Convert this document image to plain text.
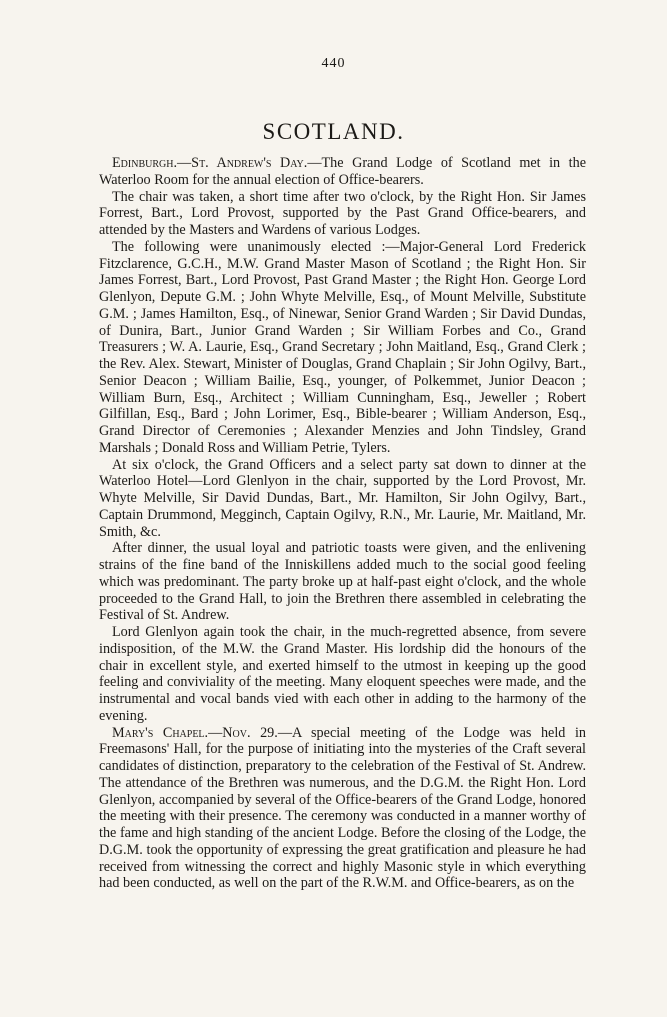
440
SCOTLAND.

Edinburgh.—St. Andrew's Day.—The Grand Lodge of Scotland met in the Waterloo Room for the annual election of Office-bearers.

The chair was taken, a short time after two o'clock, by the Right Hon. Sir James Forrest, Bart., Lord Provost, supported by the Past Grand Office-bearers, and attended by the Masters and Wardens of various Lodges.

The following were unanimously elected :—Major-General Lord Frederick Fitzclarence, G.C.H., M.W. Grand Master Mason of Scotland ; the Right Hon. Sir James Forrest, Bart., Lord Provost, Past Grand Master ; the Right Hon. George Lord Glenlyon, Depute G.M. ; John Whyte Melville, Esq., of Mount Melville, Substitute G.M. ; James Hamilton, Esq., of Ninewar, Senior Grand Warden ; Sir David Dundas, of Dunira, Bart., Junior Grand Warden ; Sir William Forbes and Co., Grand Treasurers ; W. A. Laurie, Esq., Grand Secretary ; John Maitland, Esq., Grand Clerk ; the Rev. Alex. Stewart, Minister of Douglas, Grand Chaplain ; Sir John Ogilvy, Bart., Senior Deacon ; William Bailie, Esq., younger, of Polkemmet, Junior Deacon ; William Burn, Esq., Architect ; William Cunningham, Esq., Jeweller ; Robert Gilfillan, Esq., Bard ; John Lorimer, Esq., Bible-bearer ; William Anderson, Esq., Grand Director of Ceremonies ; Alexander Menzies and John Tindsley, Grand Marshals ; Donald Ross and William Petrie, Tylers.

At six o'clock, the Grand Officers and a select party sat down to dinner at the Waterloo Hotel—Lord Glenlyon in the chair, supported by the Lord Provost, Mr. Whyte Melville, Sir David Dundas, Bart., Mr. Hamilton, Sir John Ogilvy, Bart., Captain Drummond, Megginch, Captain Ogilvy, R.N., Mr. Laurie, Mr. Maitland, Mr. Smith, &c.

After dinner, the usual loyal and patriotic toasts were given, and the enlivening strains of the fine band of the Inniskillens added much to the social good feeling which was predominant. The party broke up at half-past eight o'clock, and the whole proceeded to the Grand Hall, to join the Brethren there assembled in celebrating the Festival of St. Andrew.

Lord Glenlyon again took the chair, in the much-regretted absence, from severe indisposition, of the M.W. the Grand Master. His lordship did the honours of the chair in excellent style, and exerted himself to the utmost in keeping up the good feeling and conviviality of the meeting. Many eloquent speeches were made, and the instrumental and vocal bands vied with each other in adding to the harmony of the evening.

Mary's Chapel.—Nov. 29.—A special meeting of the Lodge was held in Freemasons' Hall, for the purpose of initiating into the mysteries of the Craft several candidates of distinction, preparatory to the celebration of the Festival of St. Andrew. The attendance of the Brethren was numerous, and the D.G.M. the Right Hon. Lord Glenlyon, accompanied by several of the Office-bearers of the Grand Lodge, honored the meeting with their presence. The ceremony was conducted in a manner worthy of the fame and high standing of the ancient Lodge. Before the closing of the Lodge, the D.G.M. took the opportunity of expressing the great gratification and pleasure he had received from witnessing the correct and highly Masonic style in which everything had been conducted, as well on the part of the R.W.M. and Office-bearers, as on the
